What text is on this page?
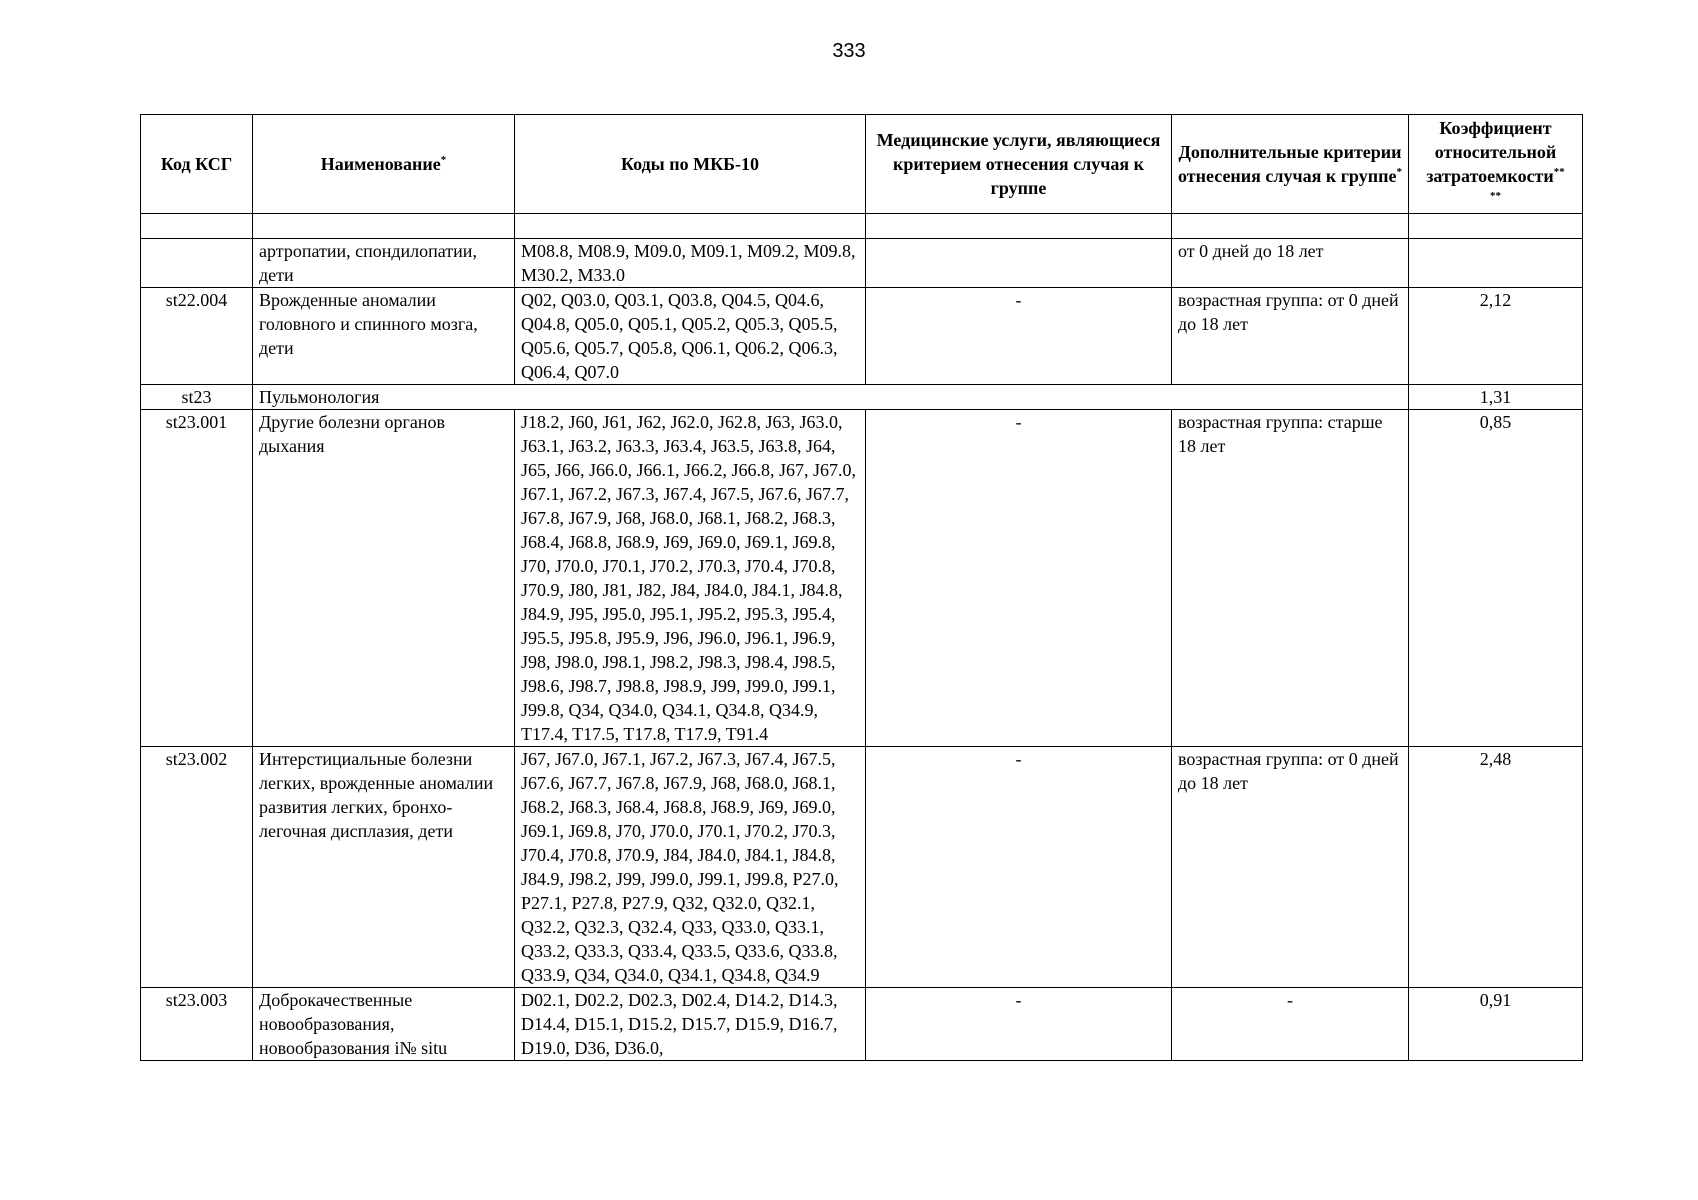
333
Код КСГ	Наименование*	Коды по МКБ-10	Медицинские услуги, являющиеся критерием отнесения случая к группе	Дополнительные критерии отнесения случая к группе*	Коэффициент относительной затратоемкости**
**

	артропатии, спондилопатии, дети	M08.8, M08.9, M09.0, M09.1, M09.2, M09.8, M30.2, M33.0		от 0 дней до 18 лет	
st22.004	Врожденные аномалии головного и спинного мозга, дети	Q02, Q03.0, Q03.1, Q03.8, Q04.5, Q04.6, Q04.8, Q05.0, Q05.1, Q05.2, Q05.3, Q05.5, Q05.6, Q05.7, Q05.8, Q06.1, Q06.2, Q06.3, Q06.4, Q07.0	-	возрастная группа: от 0 дней до 18 лет	2,12
st23	Пульмонология				1,31
st23.001	Другие болезни органов дыхания	J18.2, J60, J61, J62, J62.0, J62.8, J63, J63.0, J63.1, J63.2, J63.3, J63.4, J63.5, J63.8, J64, J65, J66, J66.0, J66.1, J66.2, J66.8, J67, J67.0, J67.1, J67.2, J67.3, J67.4, J67.5, J67.6, J67.7, J67.8, J67.9, J68, J68.0, J68.1, J68.2, J68.3, J68.4, J68.8, J68.9, J69, J69.0, J69.1, J69.8, J70, J70.0, J70.1, J70.2, J70.3, J70.4, J70.8, J70.9, J80, J81, J82, J84, J84.0, J84.1, J84.8, J84.9, J95, J95.0, J95.1, J95.2, J95.3, J95.4, J95.5, J95.8, J95.9, J96, J96.0, J96.1, J96.9, J98, J98.0, J98.1, J98.2, J98.3, J98.4, J98.5, J98.6, J98.7, J98.8, J98.9, J99, J99.0, J99.1, J99.8, Q34, Q34.0, Q34.1, Q34.8, Q34.9, T17.4, T17.5, T17.8, T17.9, T91.4	-	возрастная группа: старше 18 лет	0,85
st23.002	Интерстициальные болезни легких, врожденные аномалии развития легких, бронхо-легочная дисплазия, дети	J67, J67.0, J67.1, J67.2, J67.3, J67.4, J67.5, J67.6, J67.7, J67.8, J67.9, J68, J68.0, J68.1, J68.2, J68.3, J68.4, J68.8, J68.9, J69, J69.0, J69.1, J69.8, J70, J70.0, J70.1, J70.2, J70.3, J70.4, J70.8, J70.9, J84, J84.0, J84.1, J84.8, J84.9, J98.2, J99, J99.0, J99.1, J99.8, P27.0, P27.1, P27.8, P27.9, Q32, Q32.0, Q32.1, Q32.2, Q32.3, Q32.4, Q33, Q33.0, Q33.1, Q33.2, Q33.3, Q33.4, Q33.5, Q33.6, Q33.8, Q33.9, Q34, Q34.0, Q34.1, Q34.8, Q34.9	-	возрастная группа: от 0 дней до 18 лет	2,48
st23.003	Доброкачественные новообразования, новообразования i№ situ	D02.1, D02.2, D02.3, D02.4, D14.2, D14.3, D14.4, D15.1, D15.2, D15.7, D15.9, D16.7, D19.0, D36, D36.0,	-	-	0,91
